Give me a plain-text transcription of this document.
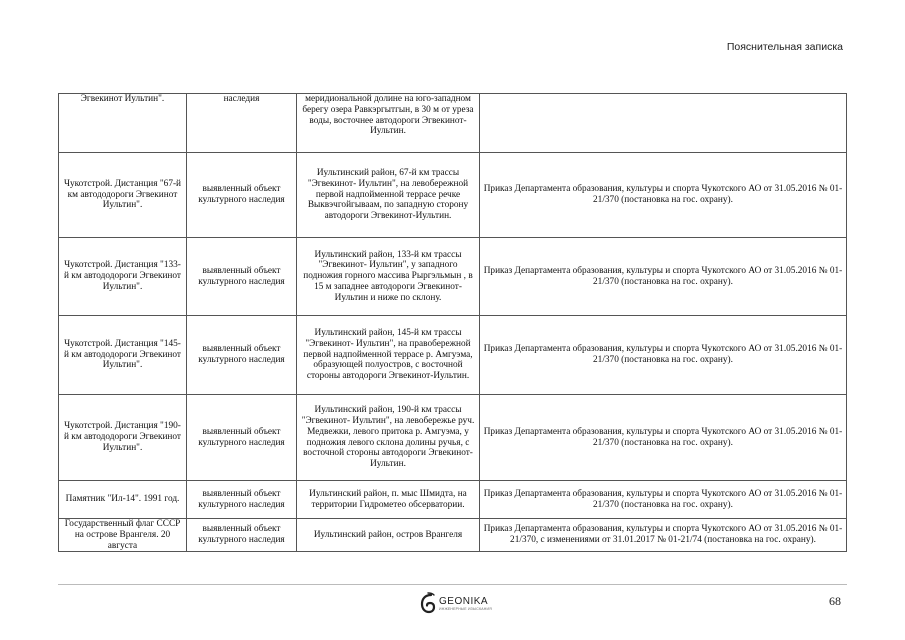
Пояснительная записка
Эгвекинот Иультин".	наследия	меридиональной долине на юго-западном берегу озера Равкэргытгын, в 30 м от уреза воды, восточнее автодороги Эгвекинот-Иультин.	
Чукотстрой. Дистанция "67-й км автододороги Эгвекинот Иультин".	выявленный объект культурного наследия	Иультинский район, 67-й км трассы "Эгвекинот- Иультин", на левобережной первой надпойменной террасе речке Выквэчгойгываам, по западную сторону автодороги Эгвекинот-Иультин.	Приказ Департамента образования, культуры и спорта Чукотского АО от 31.05.2016 № 01-21/370 (постановка на гос. охрану).
Чукотстрой. Дистанция "133-й км автододороги Эгвекинот Иультин".	выявленный объект культурного наследия	Иультинский район, 133-й км трассы "Эгвекинот- Иультин", у западного подножия горного массива Рыргэльмын , в 15 м западнее автодороги Эгвекинот-Иультин и ниже по склону.	Приказ Департамента образования, культуры и спорта Чукотского АО от 31.05.2016 № 01-21/370 (постановка на гос. охрану).
Чукотстрой. Дистанция "145-й км автододороги Эгвекинот Иультин".	выявленный объект культурного наследия	Иультинский район, 145-й км трассы "Эгвекинот- Иультин", на правобережной первой надпойменной террасе р. Амгуэма, образующей полуостров, с восточной стороны автодороги Эгвекинот-Иультин.	Приказ Департамента образования, культуры и спорта Чукотского АО от 31.05.2016 № 01-21/370 (постановка на гос. охрану).
Чукотстрой. Дистанция "190-й км автододороги Эгвекинот Иультин".	выявленный объект культурного наследия	Иультинский район, 190-й км трассы "Эгвекинот- Иультин", на левобережье руч. Медвежки, левого притока р. Амгуэма, у подножия левого склона долины ручья, с восточной стороны автодороги Эгвекинот-Иультин.	Приказ Департамента образования, культуры и спорта Чукотского АО от 31.05.2016 № 01-21/370 (постановка на гос. охрану).
Памятник "Ил-14". 1991 год.	выявленный объект культурного наследия	Иультинский район, п. мыс Шмидта, на территории Гидрометео обсерватории.	Приказ Департамента образования, культуры и спорта Чукотского АО от 31.05.2016 № 01-21/370 (постановка на гос. охрану).
Государственный флаг СССР на острове Врангеля. 20 августа	выявленный объект культурного наследия	Иультинский район, остров Врангеля	Приказ Департамента образования, культуры и спорта Чукотского АО от 31.05.2016 № 01-21/370, с изменениями от 31.01.2017 № 01-21/74 (постановка на гос. охрану).
GEONIKA
ИНЖЕНЕРНЫЕ ИЗЫСКАНИЯ
68
